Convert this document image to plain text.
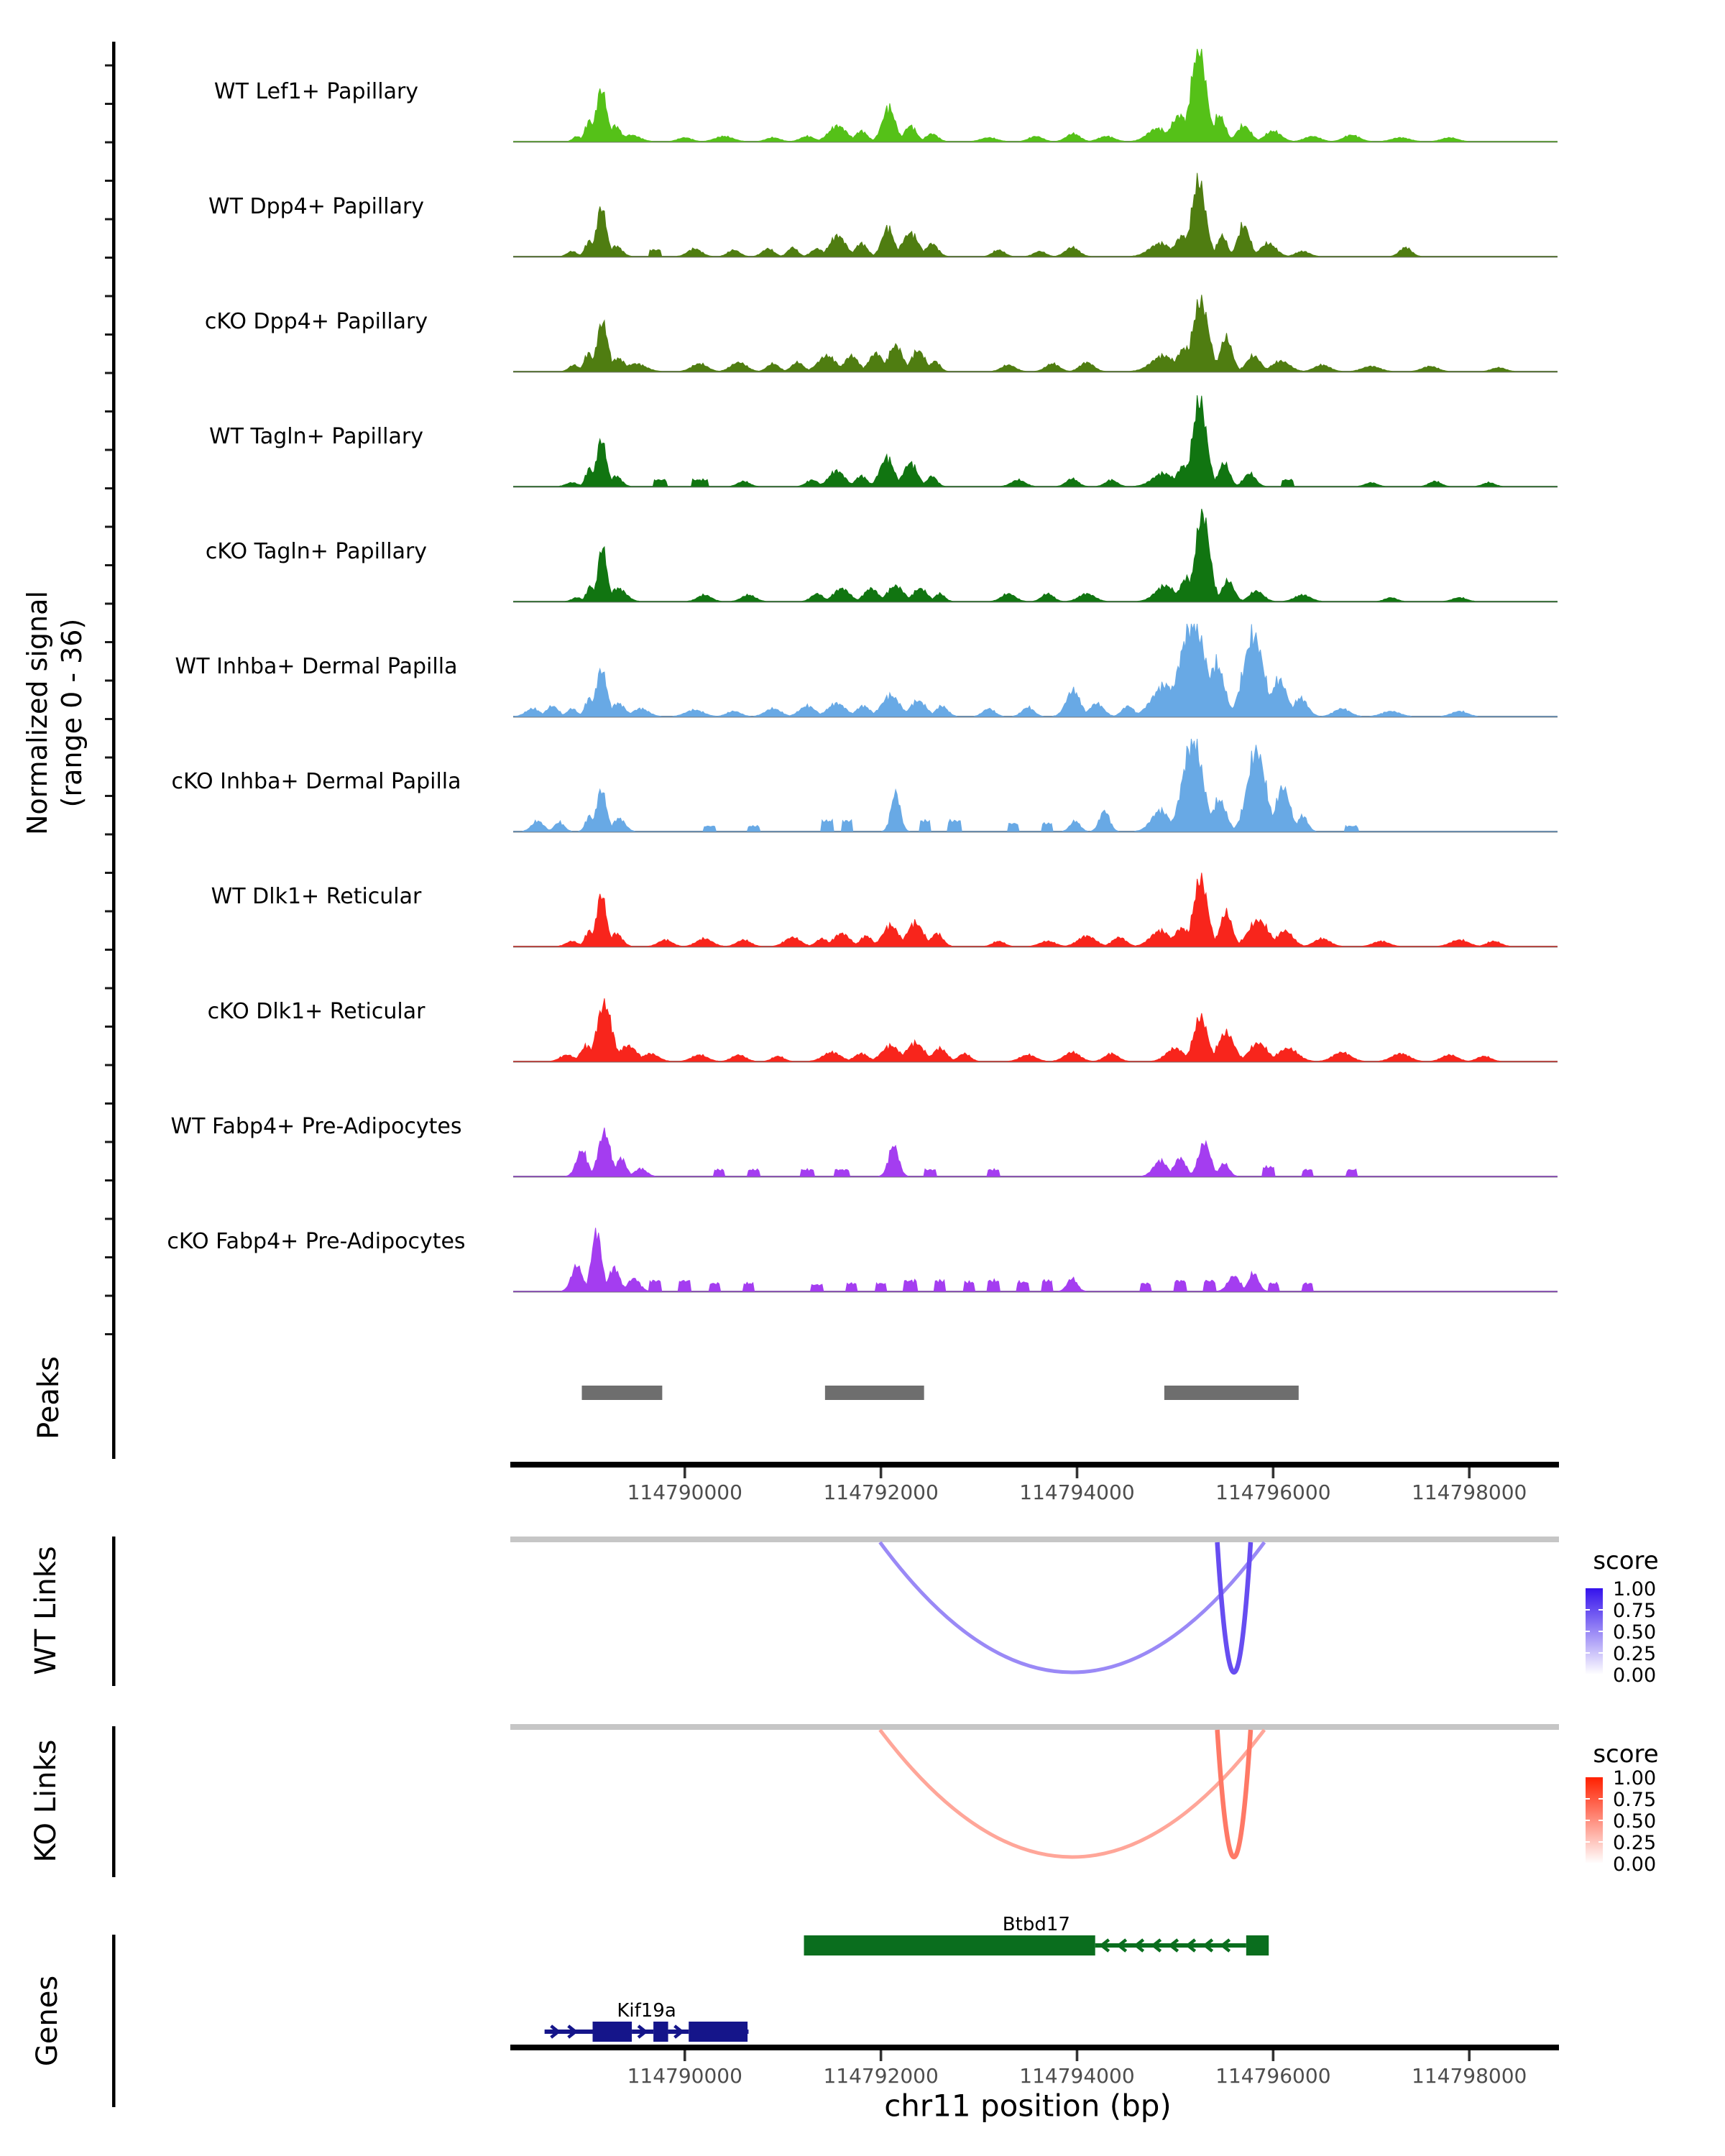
WT Lef1+ Papillary
WT Dpp4+ Papillary
cKO Dpp4+ Papillary
WT Tagln+ Papillary
cKO Tagln+ Papillary
WT Inhba+ Dermal Papilla
cKO Inhba+ Dermal Papilla
WT Dlk1+ Reticular
cKO Dlk1+ Reticular
WT Fabp4+ Pre-Adipocytes
cKO Fabp4+ Pre-Adipocytes
114790000	114792000	114794000	114796000	114798000
114790000	114792000	114794000	114796000	114798000
1.00
0.75
0.50
0.25
0.00
1.00
0.75
0.50
0.25
0.00
Btbd17
Kif19a
Normalized signal (range 0 - 36)
Peaks
WT Links
KO Links
Genes
score
score
chr11 position (bp)
